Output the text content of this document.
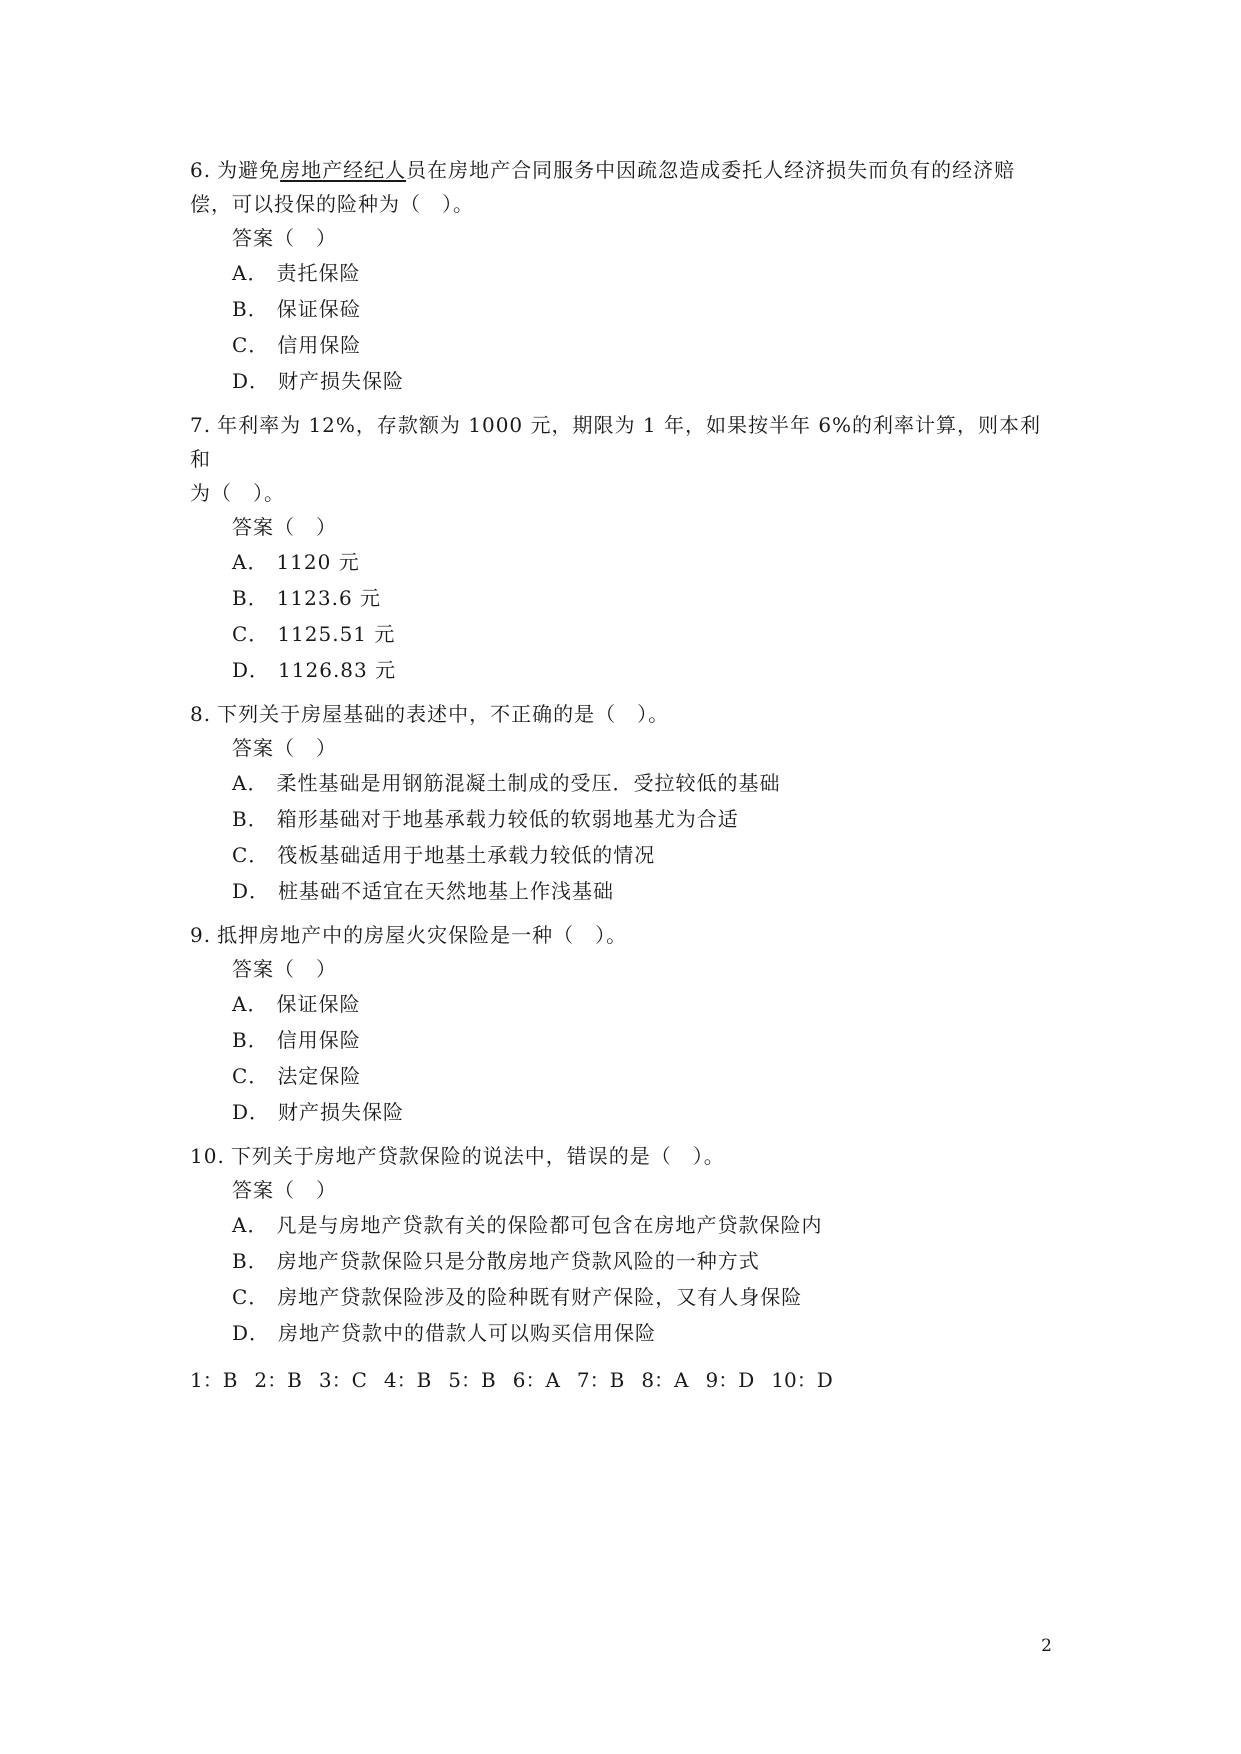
6. 为避免房地产经纪人员在房地产合同服务中因疏忽造成委托人经济损失而负有的经济赔
偿，可以投保的险种为（　）。
答案（　）
A． 责托保险
B． 保证保硷
C． 信用保险
D． 财产损失保险
7. 年利率为 12%，存款额为 1000 元，期限为 1 年，如果按半年 6%的利率计算，则本利和
为（　）。
答案（　）
A． 1120 元
B． 1123.6 元
C． 1125.51 元
D． 1126.83 元
8. 下列关于房屋基础的表述中，不正确的是（　）。
答案（　）
A． 柔性基础是用钢筋混凝土制成的受压．受拉较低的基础
B． 箱形基础对于地基承载力较低的软弱地基尤为合适
C． 筏板基础适用于地基土承载力较低的情况
D． 桩基础不适宜在天然地基上作浅基础
9. 抵押房地产中的房屋火灾保险是一种（　）。
答案（　）
A． 保证保险
B． 信用保险
C． 法定保险
D． 财产损失保险
10. 下列关于房地产贷款保险的说法中，错误的是（　）。
答案（　）
A． 凡是与房地产贷款有关的保险都可包含在房地产贷款保险内
B． 房地产贷款保险只是分散房地产贷款风险的一种方式
C． 房地产贷款保险涉及的险种既有财产保险，又有人身保险
D． 房地产贷款中的借款人可以购买信用保险
1：B 2：B 3：C 4：B 5：B 6：A 7：B 8：A 9：D 10：D
2
